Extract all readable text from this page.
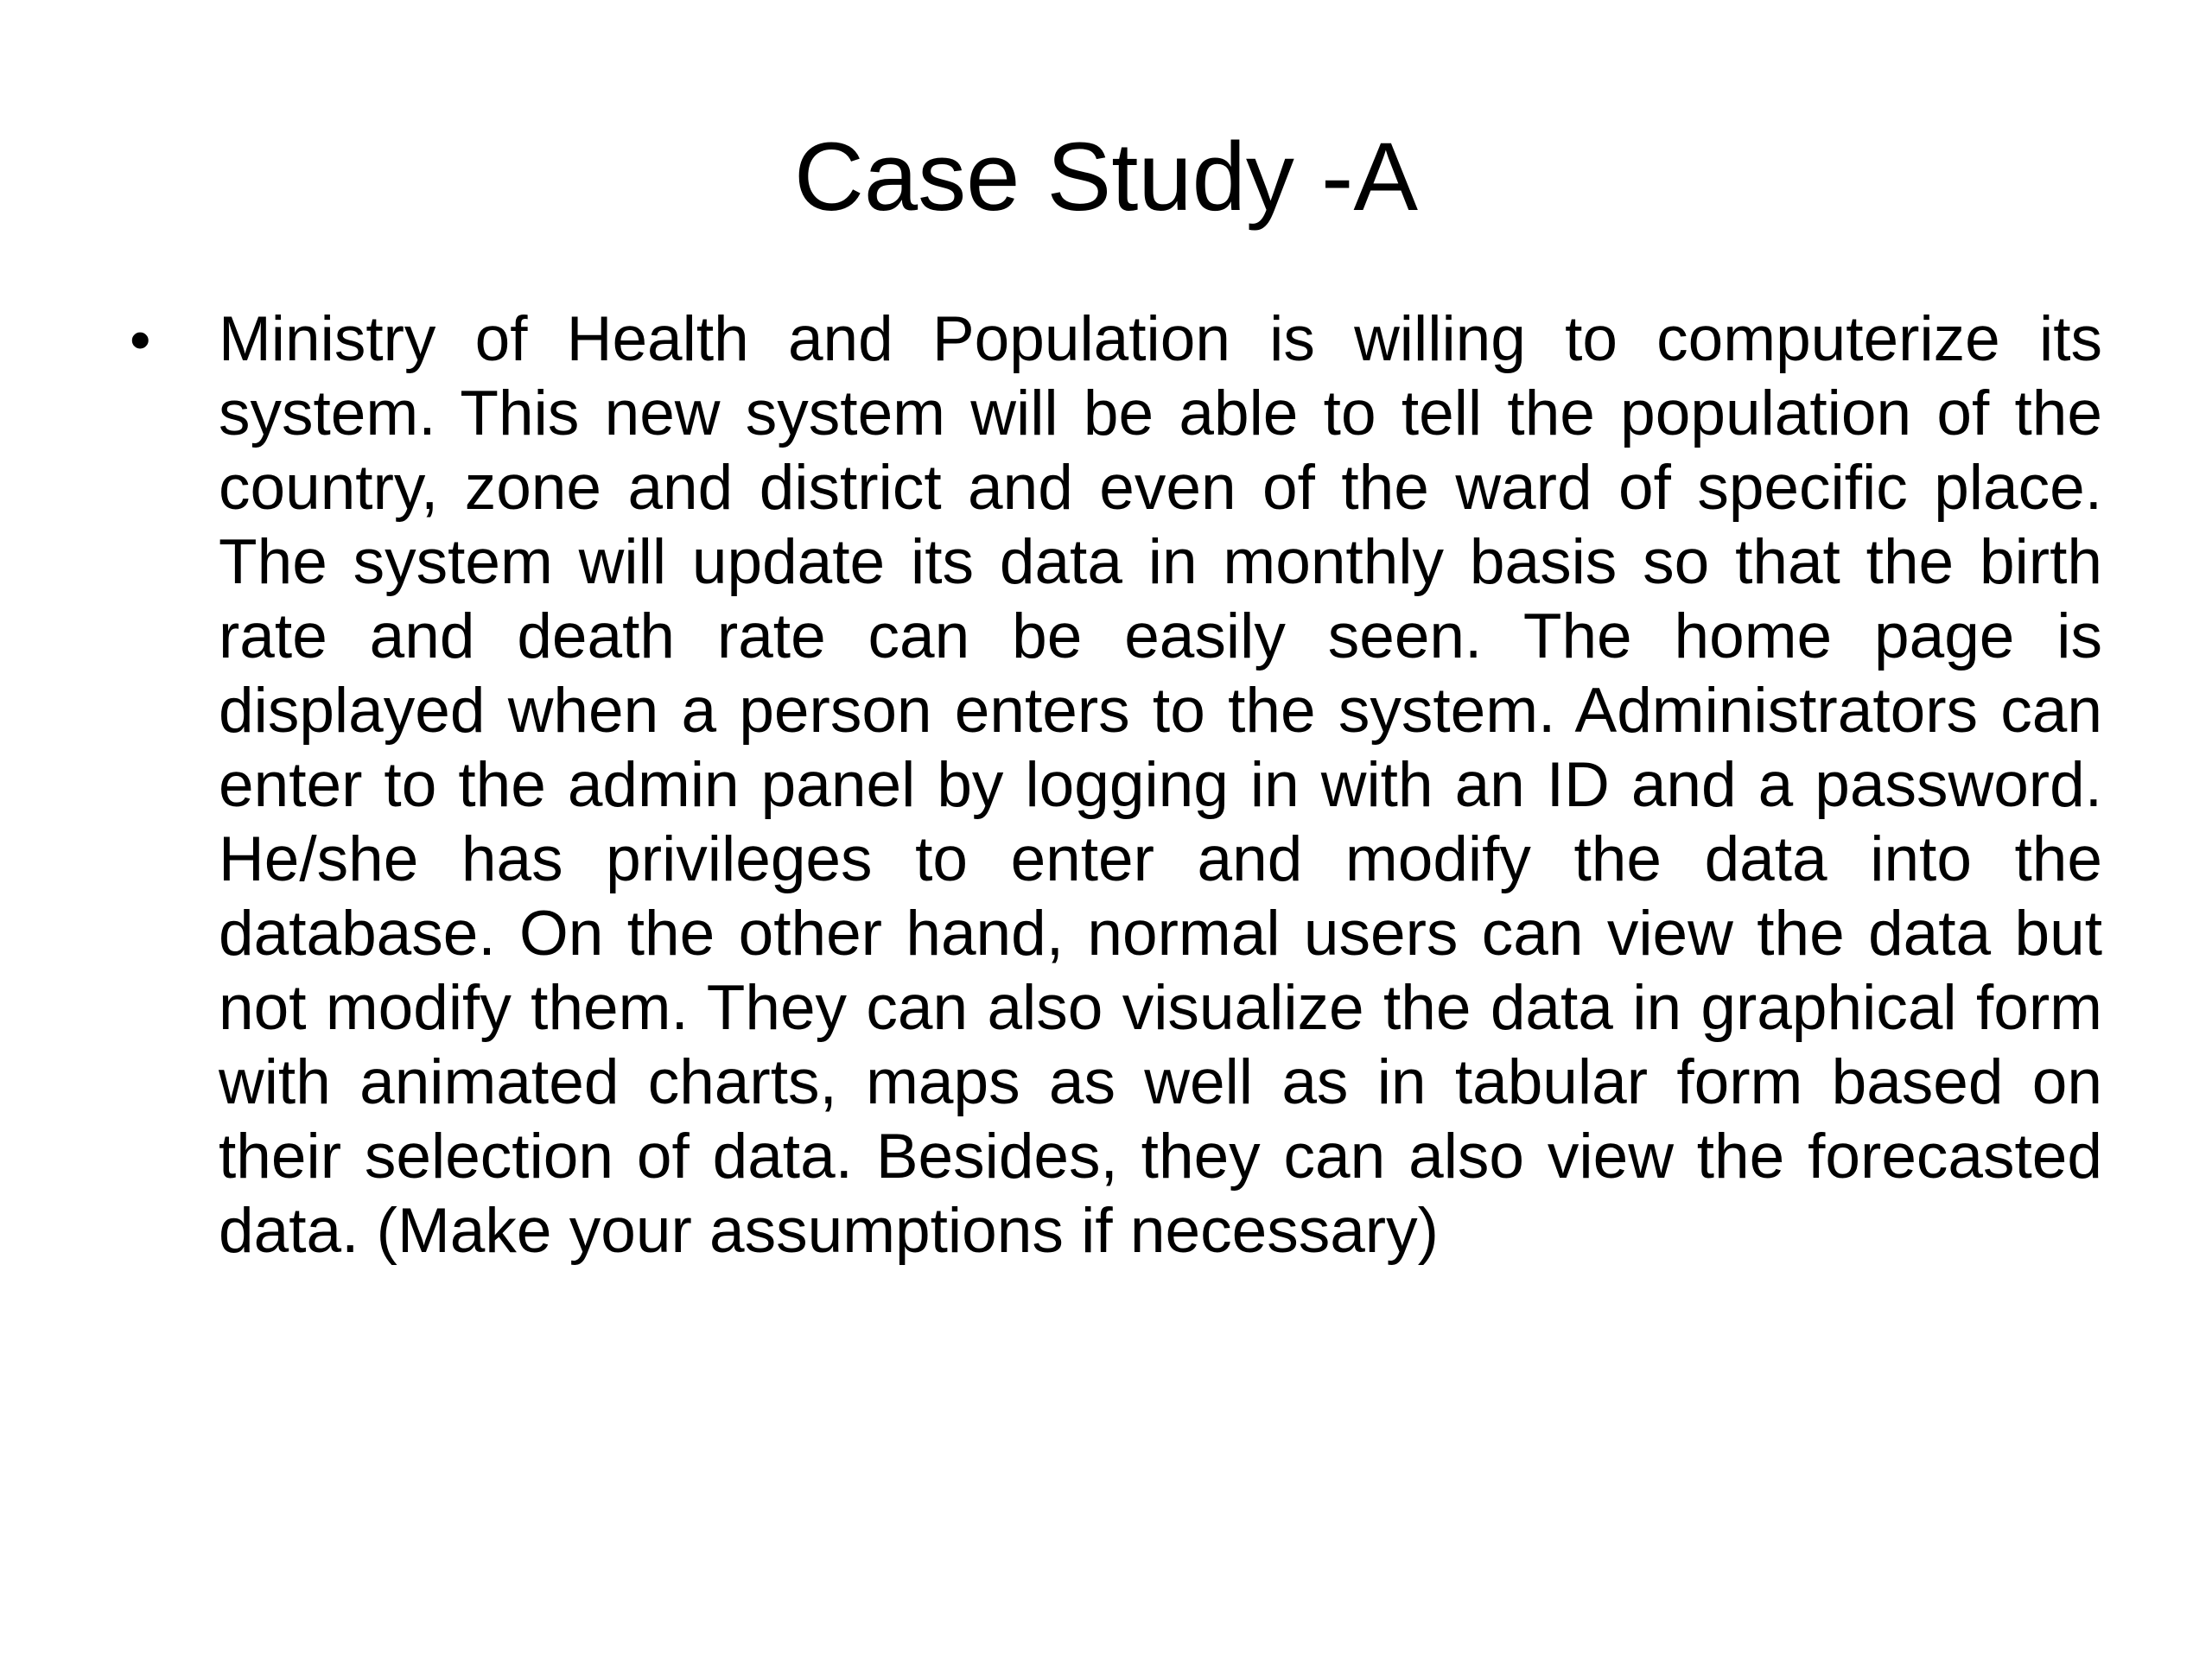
Case Study -A
•	Ministry of Health and Population is willing to computerize its system. This new system will be able to tell the population of the country, zone and district and even of the ward of specific place. The system will update its data in monthly basis so that the birth rate and death rate can be easily seen. The home page is displayed when a person enters to the system. Administrators can enter to the admin panel by logging in with an ID and a password. He/she has privileges to enter and modify the data into the database. On the other hand, normal users can view the data but not modify them. They can also visualize the data in graphical form with animated charts, maps as well as in tabular form based on their selection of data. Besides, they can also view the forecasted data. (Make your assumptions if necessary)
